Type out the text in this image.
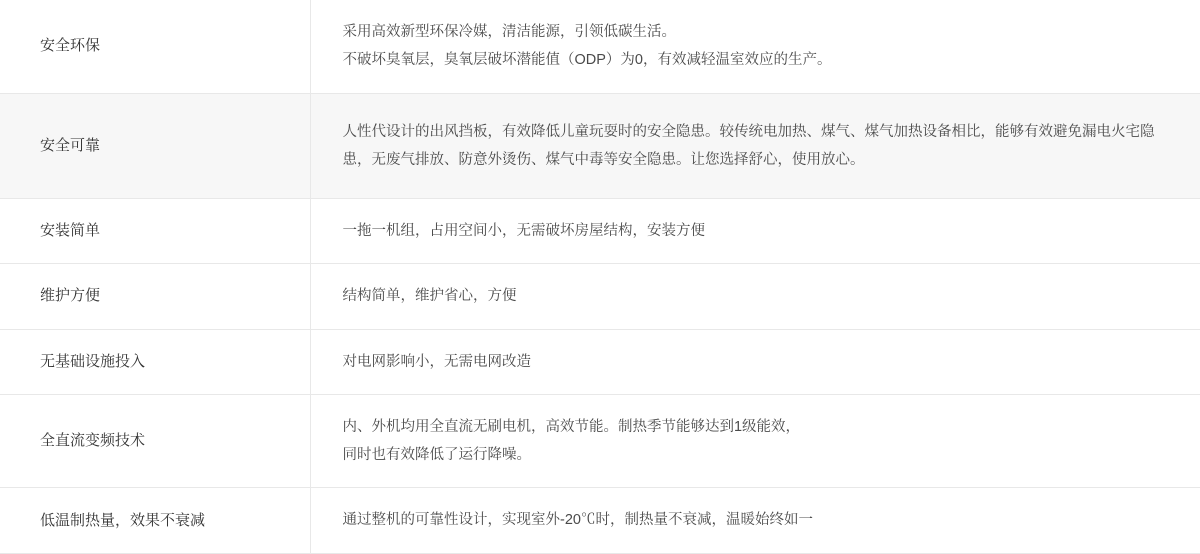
安全环保	采用高效新型环保冷媒，清洁能源，引领低碳生活。
不破坏臭氧层，臭氧层破坏潜能值（ODP）为0，有效减轻温室效应的生产。

安全可靠	人性代设计的出风挡板，有效降低儿童玩耍时的安全隐患。较传统电加热、煤气、煤气加热设备相比，能够有效避免漏电火宅隐患，无废气排放、防意外烫伤、煤气中毒等安全隐患。让您选择舒心，使用放心。

安装简单	一拖一机组，占用空间小，无需破坏房屋结构，安装方便

维护方便	结构简单，维护省心，方便

无基础设施投入	对电网影响小，无需电网改造

全直流变频技术	内、外机均用全直流无刷电机，高效节能。制热季节能够达到1级能效，
同时也有效降低了运行降噪。

低温制热量，效果不衰减	通过整机的可靠性设计，实现室外-20℃时，制热量不衰减，温暖始终如一
